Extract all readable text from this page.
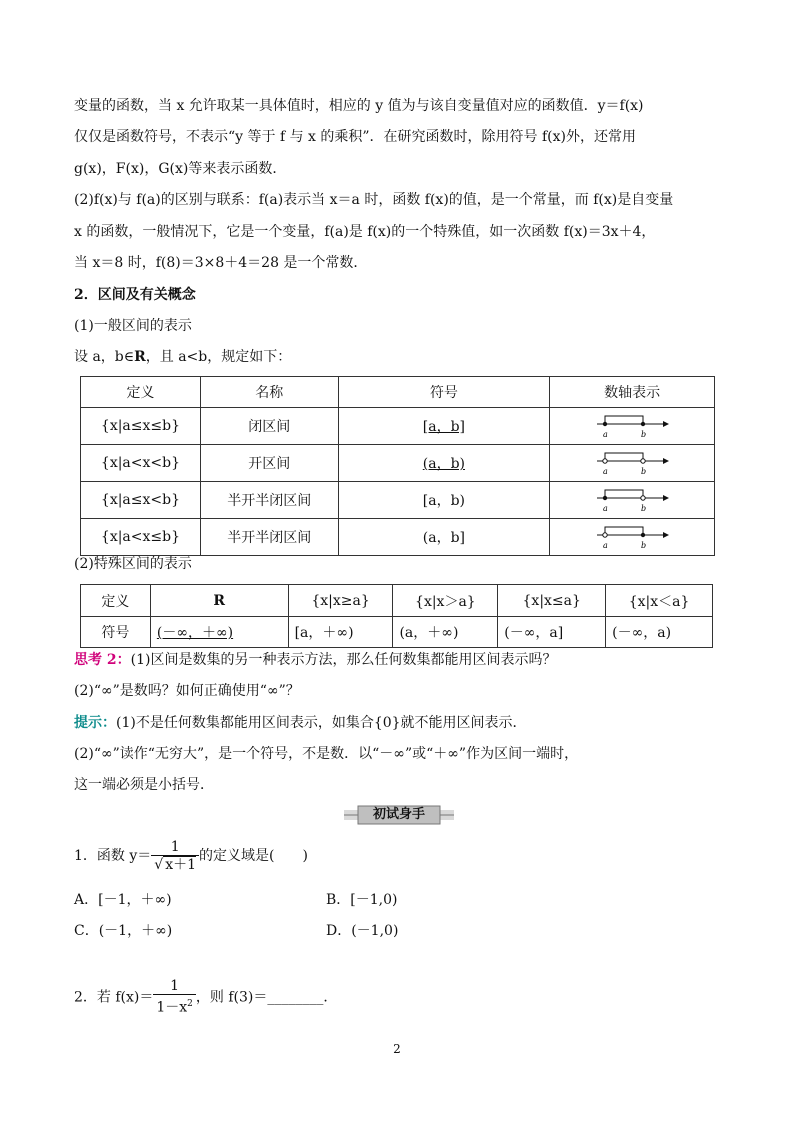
变量的函数，当 x 允许取某一具体值时，相应的 y 值为与该自变量值对应的函数值．y＝f(x)
仅仅是函数符号，不表示“y 等于 f 与 x 的乘积”．在研究函数时，除用符号 f(x)外，还常用
g(x)，F(x)，G(x)等来表示函数．
(2)f(x)与 f(a)的区别与联系：f(a)表示当 x＝a 时，函数 f(x)的值，是一个常量，而 f(x)是自变量
x 的函数，一般情况下，它是一个变量，f(a)是 f(x)的一个特殊值，如一次函数 f(x)＝3x＋4，
当 x＝8 时，f(8)＝3×8＋4＝28 是一个常数．
2．区间及有关概念
(1)一般区间的表示
设 a，b∈R，且 a<b，规定如下：
定义	名称	符号	数轴表示
{x|a≤x≤b}	闭区间	[a，b]	a b

{x|a<x<b}	开区间	(a，b)	a b

{x|a≤x<b}	半开半闭区间	[a，b)	a b

{x|a<x≤b}	半开半闭区间	(a，b]	a b
(2)特殊区间的表示
定义	R	{x|x≥a}	{x|x＞a}	{x|x≤a}	{x|x＜a}
符号	(－∞，＋∞)	[a，＋∞)	(a，＋∞)	(－∞，a]	(－∞，a)
思考 2：(1)区间是数集的另一种表示方法，那么任何数集都能用区间表示吗？
(2)“∞”是数吗？如何正确使用“∞”？
提示：(1)不是任何数集都能用区间表示，如集合{0}就不能用区间表示．
(2)“∞”读作“无穷大”，是一个符号，不是数．以“－∞”或“＋∞”作为区间一端时，
这一端必须是小括号．
初试身手
1．函数 $y= \frac{1}{√ x+1}$ 的定义域是(　　)
A．[－1，＋∞)	B．[－1,0)
C．(－1，＋∞)	D．(－1,0)
2．若 $f(x)= \frac{1}{1-x^2}$ ，则 f(3)＝________．
2
